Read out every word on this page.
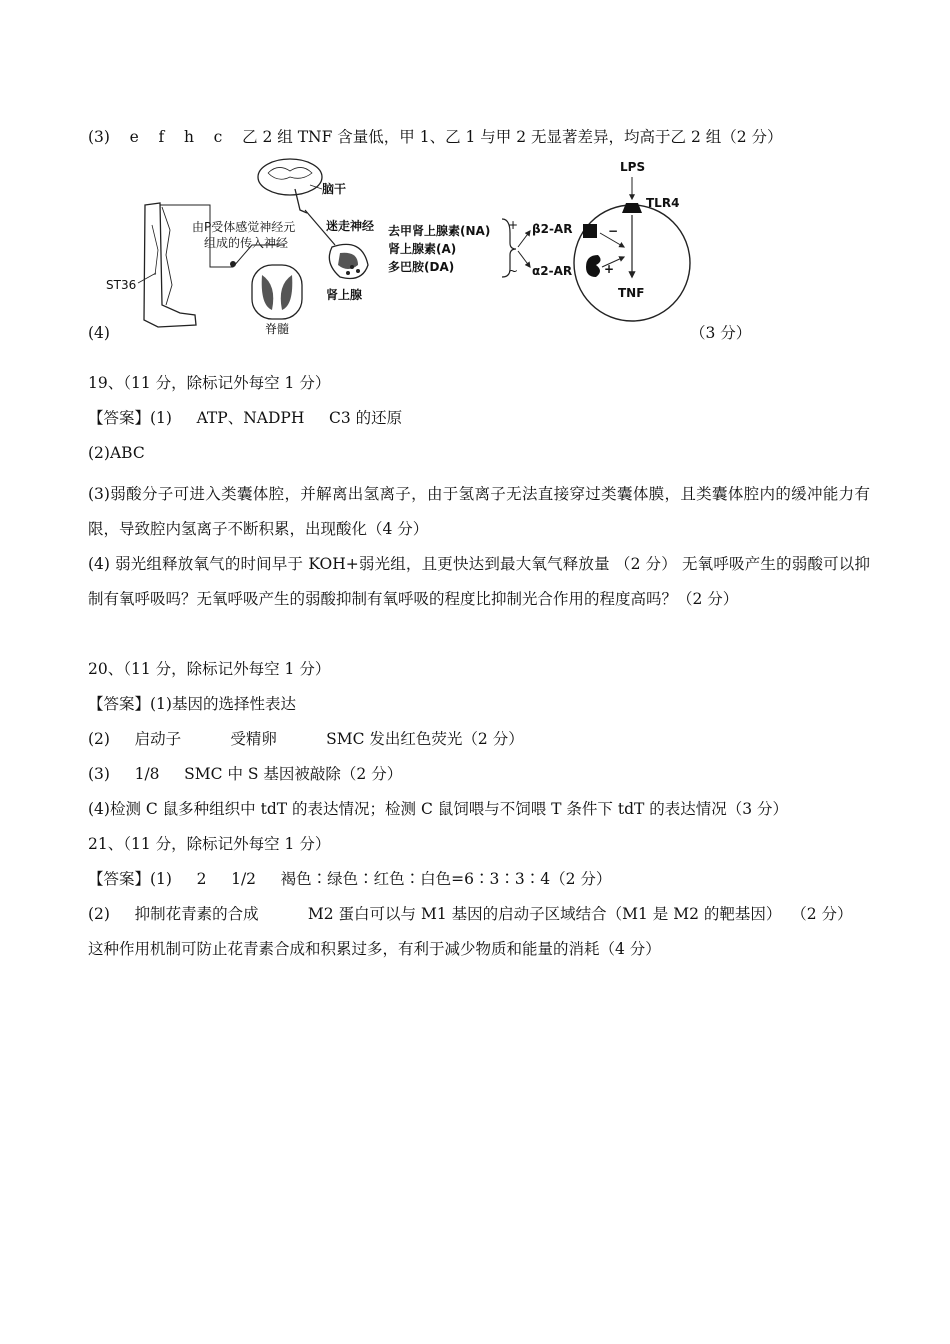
(3)    e    f    h    c    乙 2 组 TNF 含量低，甲 1、乙 1 与甲 2 无显著差异，均高于乙 2 组（2 分）
ST36
由P受体感觉神经元
组成的传入神经
脊髓
脑干
迷走神经
肾上腺
去甲肾上腺素(NA)
肾上腺素(A)
多巴胺(DA)
+
~
β2-AR
α2-AR
LPS
TLR4
−
+
TNF
(4)	（3 分）
19、（11 分，除标记外每空 1 分）
【答案】(1)     ATP、NADPH     C3 的还原
(2)ABC
(3)弱酸分子可进入类囊体腔，并解离出氢离子，由于氢离子无法直接穿过类囊体膜，且类囊体腔内的缓冲能力有限，导致腔内氢离子不断积累，出现酸化（4 分）
(4) 弱光组释放氧气的时间早于 KOH+弱光组，且更快达到最大氧气释放量 （2 分） 无氧呼吸产生的弱酸可以抑制有氧呼吸吗？无氧呼吸产生的弱酸抑制有氧呼吸的程度比抑制光合作用的程度高吗？（2 分）
20、（11 分，除标记外每空 1 分）
【答案】(1)基因的选择性表达
(2)     启动子          受精卵          SMC 发出红色荧光（2 分）
(3)     1/8     SMC 中 S 基因被敲除（2 分）
(4)检测 C 鼠多种组织中 tdT 的表达情况；检测 C 鼠饲喂与不饲喂 T 条件下 tdT 的表达情况（3 分）
21、（11 分，除标记外每空 1 分）
【答案】(1)     2     1/2     褐色∶绿色∶红色∶白色=6∶3∶3∶4（2 分）
(2)     抑制花青素的合成          M2 蛋白可以与 M1 基因的启动子区域结合（M1 是 M2 的靶基因）  （2 分）
这种作用机制可防止花青素合成和积累过多，有利于减少物质和能量的消耗（4 分）
